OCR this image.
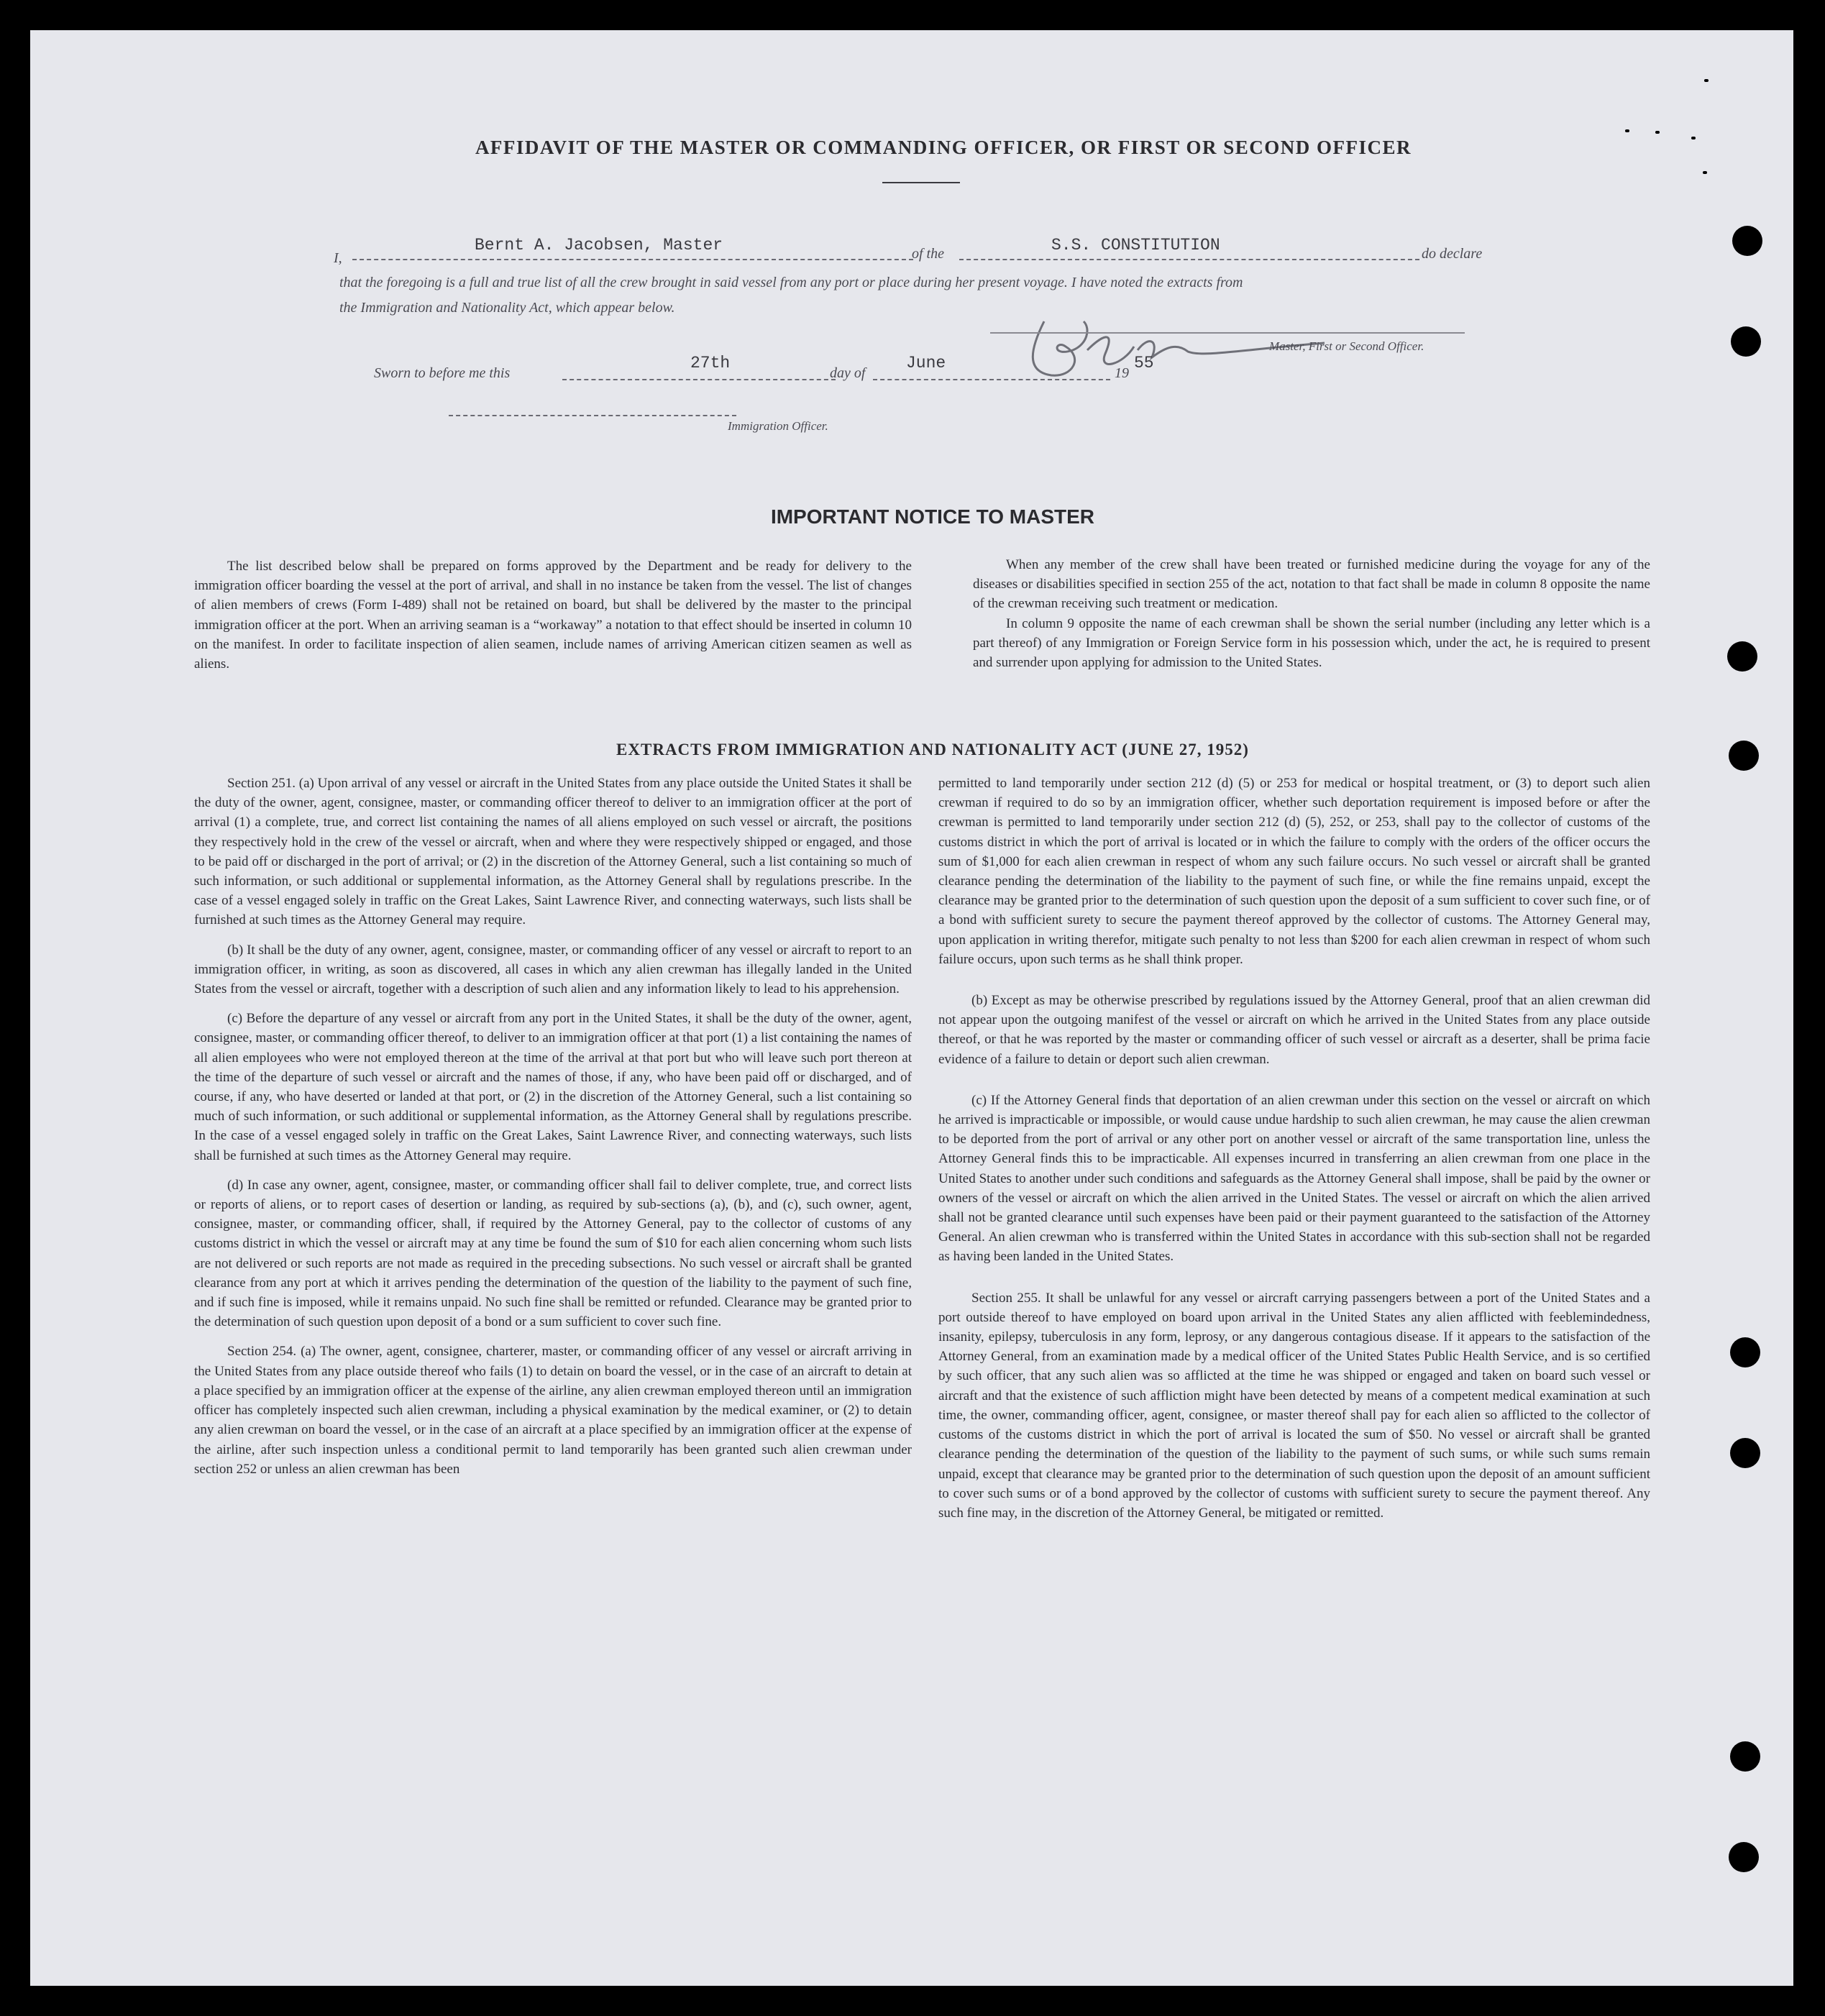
AFFIDAVIT OF THE MASTER OR COMMANDING OFFICER, OR FIRST OR SECOND OFFICER
I,
Bernt A. Jacobsen, Master	of the	S.S. CONSTITUTION	do declare
that the foregoing is a full and true list of all the crew brought in said vessel from any port or place during her present voyage. I have noted the extracts from
the Immigration and Nationality Act, which appear below.
Master, First or Second Officer.
Sworn to before me this
27th
day of
June
19
55
Immigration Officer.
IMPORTANT NOTICE TO MASTER

The list described below shall be prepared on forms approved by the Department and be ready for delivery to the immigration officer boarding the vessel at the port of arrival, and shall in no instance be taken from the vessel. The list of changes of alien members of crews (Form I-489) shall not be retained on board, but shall be delivered by the master to the principal immigration officer at the port. When an arriving seaman is a “workaway” a notation to that effect should be inserted in column 10 on the manifest. In order to facilitate inspection of alien seamen, include names of arriving American citizen seamen as well as aliens.

When any member of the crew shall have been treated or furnished medicine during the voyage for any of the diseases or disabilities specified in section 255 of the act, notation to that fact shall be made in column 8 opposite the name of the crewman receiving such treatment or medication.

In column 9 opposite the name of each crewman shall be shown the serial number (including any letter which is a part thereof) of any Immigration or Foreign Service form in his possession which, under the act, he is required to present and surrender upon applying for admission to the United States.

EXTRACTS FROM IMMIGRATION AND NATIONALITY ACT (JUNE 27, 1952)

Section 251. (a) Upon arrival of any vessel or aircraft in the United States from any place outside the United States it shall be the duty of the owner, agent, consignee, master, or commanding officer thereof to deliver to an immigration officer at the port of arrival (1) a complete, true, and correct list containing the names of all aliens employed on such vessel or aircraft, the positions they respectively hold in the crew of the vessel or aircraft, when and where they were respectively shipped or engaged, and those to be paid off or discharged in the port of arrival; or (2) in the discretion of the Attorney General, such a list containing so much of such information, or such additional or supplemental information, as the Attorney General shall by regulations prescribe. In the case of a vessel engaged solely in traffic on the Great Lakes, Saint Lawrence River, and connecting waterways, such lists shall be furnished at such times as the Attorney General may require.

(b) It shall be the duty of any owner, agent, consignee, master, or commanding officer of any vessel or aircraft to report to an immigration officer, in writing, as soon as discovered, all cases in which any alien crewman has illegally landed in the United States from the vessel or aircraft, together with a description of such alien and any information likely to lead to his apprehension.

(c) Before the departure of any vessel or aircraft from any port in the United States, it shall be the duty of the owner, agent, consignee, master, or commanding officer thereof, to deliver to an immigration officer at that port (1) a list containing the names of all alien employees who were not employed thereon at the time of the arrival at that port but who will leave such port thereon at the time of the departure of such vessel or aircraft and the names of those, if any, who have been paid off or discharged, and of course, if any, who have deserted or landed at that port, or (2) in the discretion of the Attorney General, such a list containing so much of such information, or such additional or supplemental information, as the Attorney General shall by regulations prescribe. In the case of a vessel engaged solely in traffic on the Great Lakes, Saint Lawrence River, and connecting waterways, such lists shall be furnished at such times as the Attorney General may require.

(d) In case any owner, agent, consignee, master, or commanding officer shall fail to deliver complete, true, and correct lists or reports of aliens, or to report cases of desertion or landing, as required by sub-sections (a), (b), and (c), such owner, agent, consignee, master, or commanding officer, shall, if required by the Attorney General, pay to the collector of customs of any customs district in which the vessel or aircraft may at any time be found the sum of $10 for each alien concerning whom such lists are not delivered or such reports are not made as required in the preceding subsections. No such vessel or aircraft shall be granted clearance from any port at which it arrives pending the determination of the question of the liability to the payment of such fine, and if such fine is imposed, while it remains unpaid. No such fine shall be remitted or refunded. Clearance may be granted prior to the determination of such question upon deposit of a bond or a sum sufficient to cover such fine.

Section 254. (a) The owner, agent, consignee, charterer, master, or commanding officer of any vessel or aircraft arriving in the United States from any place outside thereof who fails (1) to detain on board the vessel, or in the case of an aircraft to detain at a place specified by an immigration officer at the expense of the airline, any alien crewman employed thereon until an immigration officer has completely inspected such alien crewman, including a physical examination by the medical examiner, or (2) to detain any alien crewman on board the vessel, or in the case of an aircraft at a place specified by an immigration officer at the expense of the airline, after such inspection unless a conditional permit to land temporarily has been granted such alien crewman under section 252 or unless an alien crewman has been

permitted to land temporarily under section 212 (d) (5) or 253 for medical or hospital treatment, or (3) to deport such alien crewman if required to do so by an immigration officer, whether such deportation requirement is imposed before or after the crewman is permitted to land temporarily under section 212 (d) (5), 252, or 253, shall pay to the collector of customs of the customs district in which the port of arrival is located or in which the failure to comply with the orders of the officer occurs the sum of $1,000 for each alien crewman in respect of whom any such failure occurs. No such vessel or aircraft shall be granted clearance pending the determination of the liability to the payment of such fine, or while the fine remains unpaid, except the clearance may be granted prior to the determination of such question upon the deposit of a sum sufficient to cover such fine, or of a bond with sufficient surety to secure the payment thereof approved by the collector of customs. The Attorney General may, upon application in writing therefor, mitigate such penalty to not less than $200 for each alien crewman in respect of whom such failure occurs, upon such terms as he shall think proper.

(b) Except as may be otherwise prescribed by regulations issued by the Attorney General, proof that an alien crewman did not appear upon the outgoing manifest of the vessel or aircraft on which he arrived in the United States from any place outside thereof, or that he was reported by the master or commanding officer of such vessel or aircraft as a deserter, shall be prima facie evidence of a failure to detain or deport such alien crewman.

(c) If the Attorney General finds that deportation of an alien crewman under this section on the vessel or aircraft on which he arrived is impracticable or impossible, or would cause undue hardship to such alien crewman, he may cause the alien crewman to be deported from the port of arrival or any other port on another vessel or aircraft of the same transportation line, unless the Attorney General finds this to be impracticable. All expenses incurred in transferring an alien crewman from one place in the United States to another under such conditions and safeguards as the Attorney General shall impose, shall be paid by the owner or owners of the vessel or aircraft on which the alien arrived in the United States. The vessel or aircraft on which the alien arrived shall not be granted clearance until such expenses have been paid or their payment guaranteed to the satisfaction of the Attorney General. An alien crewman who is transferred within the United States in accordance with this sub-section shall not be regarded as having been landed in the United States.

Section 255. It shall be unlawful for any vessel or aircraft carrying passengers between a port of the United States and a port outside thereof to have employed on board upon arrival in the United States any alien afflicted with feeblemindedness, insanity, epilepsy, tuberculosis in any form, leprosy, or any dangerous contagious disease. If it appears to the satisfaction of the Attorney General, from an examination made by a medical officer of the United States Public Health Service, and is so certified by such officer, that any such alien was so afflicted at the time he was shipped or engaged and taken on board such vessel or aircraft and that the existence of such affliction might have been detected by means of a competent medical examination at such time, the owner, commanding officer, agent, consignee, or master thereof shall pay for each alien so afflicted to the collector of customs of the customs district in which the port of arrival is located the sum of $50. No vessel or aircraft shall be granted clearance pending the determination of the question of the liability to the payment of such sums, or while such sums remain unpaid, except that clearance may be granted prior to the determination of such question upon the deposit of an amount sufficient to cover such sums or of a bond approved by the collector of customs with sufficient surety to secure the payment thereof. Any such fine may, in the discretion of the Attorney General, be mitigated or remitted.
